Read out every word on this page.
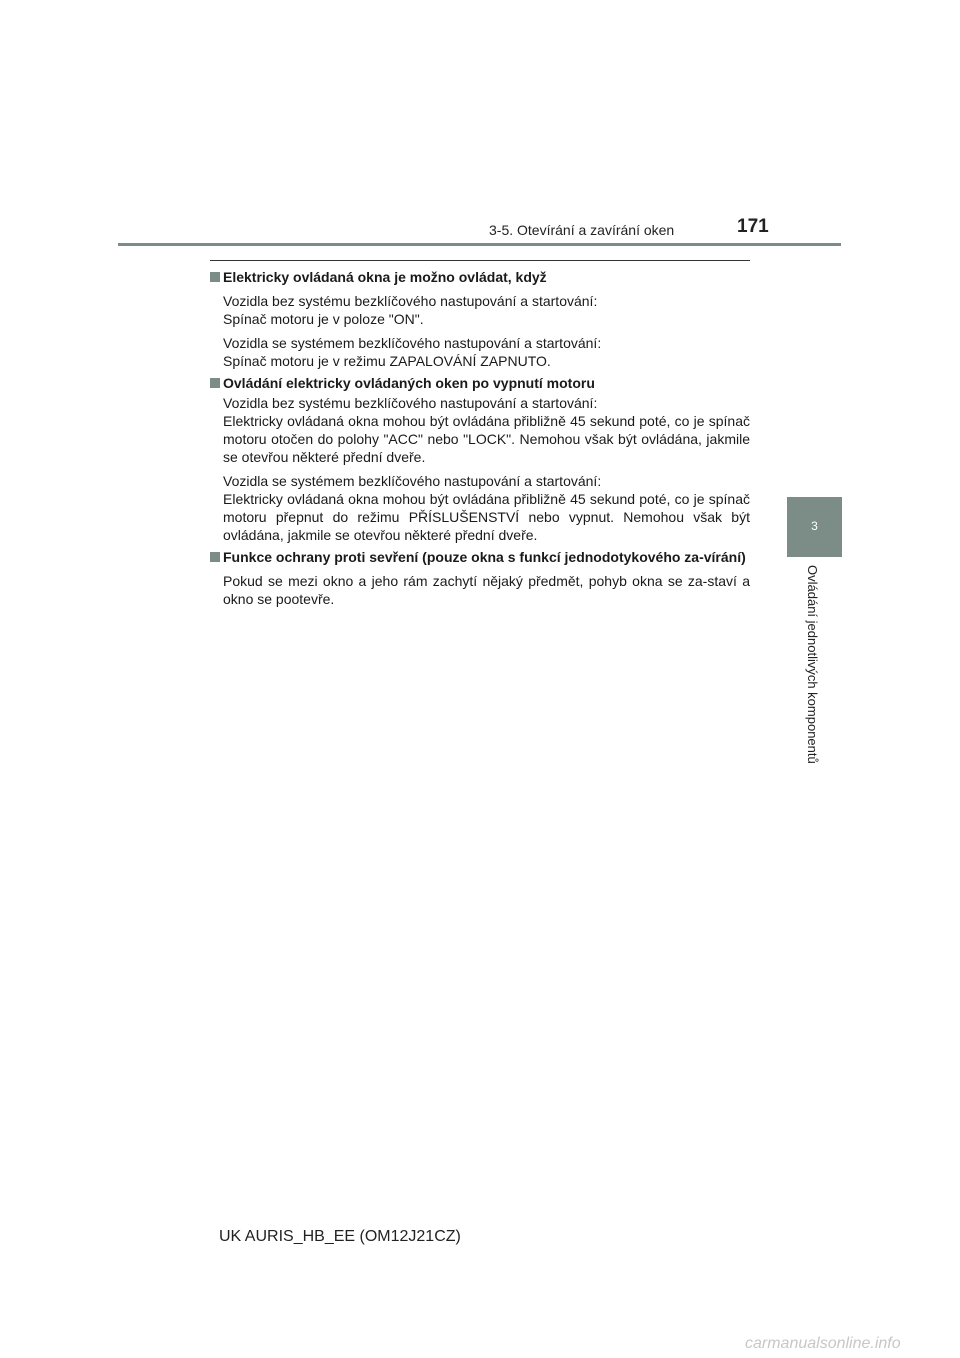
3-5. Otevírání a zavírání oken	171
Elektricky ovládaná okna je možno ovládat, když
Vozidla bez systému bezklíčového nastupování a startování:
Spínač motoru je v poloze "ON".
Vozidla se systémem bezklíčového nastupování a startování:
Spínač motoru je v režimu ZAPALOVÁNÍ ZAPNUTO.
Ovládání elektricky ovládaných oken po vypnutí motoru
Vozidla bez systému bezklíčového nastupování a startování:
Elektricky ovládaná okna mohou být ovládána přibližně 45 sekund poté, co je spínač motoru otočen do polohy "ACC" nebo "LOCK". Nemohou však být ovládána, jakmile se otevřou některé přední dveře.
Vozidla se systémem bezklíčového nastupování a startování:
Elektricky ovládaná okna mohou být ovládána přibližně 45 sekund poté, co je spínač motoru přepnut do režimu PŘÍSLUŠENSTVÍ nebo vypnut. Nemohou však být ovládána, jakmile se otevřou některé přední dveře.
Funkce ochrany proti sevření (pouze okna s funkcí jednodotykového za-vírání)
Pokud se mezi okno a jeho rám zachytí nějaký předmět, pohyb okna se za-staví a okno se pootevře.
3
Ovládání jednotlivých komponentů
UK AURIS_HB_EE (OM12J21CZ)
carmanualsonline.info
